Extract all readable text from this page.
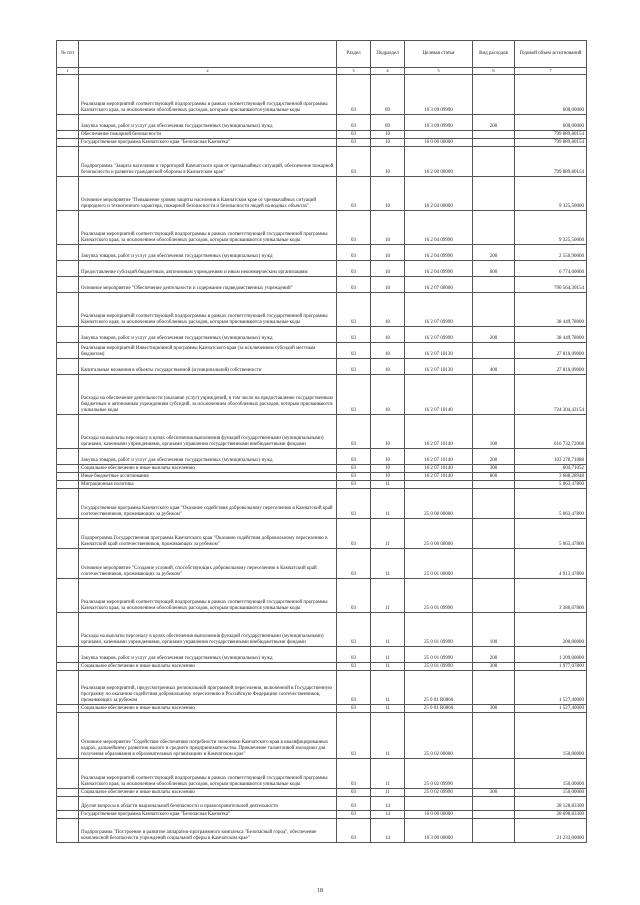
№ п/п		Раздел	Подраздел	Целевая статья	Вид расходов	Годовой объем ассигнований
1	2	3	4	5	6	7
	Реализация мероприятий соответствующей подпрограммы в рамках соответствующей государственной программы Камчатского края, за исключением обособленных расходов, которым присваиваются уникальные коды	03	09	16 3 09 09990		600,00000
	Закупка товаров, работ и услуг для обеспечения государственных (муниципальных) нужд	03	09	16 3 09 09990	200	600,00000
	Обеспечение пожарной безопасности	03	10			799 889,80154
	Государственная программа Камчатского края "Безопасная Камчатка"	03	10	16 0 00 00000		799 889,80154
	Подпрограмма "Защита населения и территорий Камчатского края от чрезвычайных ситуаций, обеспечение пожарной безопасности и развитие гражданской обороны в Камчатском крае"	03	10	16 2 00 00000		799 889,80154
	Основное мероприятие "Повышение уровня защиты населения в Камчатском крае от чрезвычайных ситуаций природного и техногенного характера, пожарной безопасности и безопасности людей на водных объектах"	03	10	16 2 04 00000		9 325,50000
	Реализация мероприятий соответствующей подпрограммы в рамках соответствующей государственной программы Камчатского края, за исключением обособленных расходов, которым присваиваются уникальные коды	03	10	16 2 04 09990		9 325,50000
	Закупка товаров, работ и услуг для обеспечения государственных (муниципальных) нужд	03	10	16 2 04 09990	200	2 550,90000
	Предоставление субсидий бюджетным, автономным учреждениям и иным некоммерческим организациям	03	10	16 2 04 09990	600	6 774,60000
	Основное мероприятие "Обеспечение деятельности и содержание подведомственных учреждений"	03	10	16 2 07 00000		790 564,30154
	Реализация мероприятий соответствующей подпрограммы в рамках соответствующей государственной программы Камчатского края, за исключением обособленных расходов, которым присваиваются уникальные коды	03	10	16 2 07 09990		38 449,78000
	Закупка товаров, работ и услуг для обеспечения государственных (муниципальных) нужд	03	10	16 2 07 09990	200	38 449,78000
	Реализация мероприятий Инвестиционной программы Камчатского края (за исключением субсидий местным бюджетам)	03	10	16 2 07 10130		27 810,09000
	Капитальные вложения в объекты государственной (муниципальной) собственности	03	10	16 2 07 10130	400	27 810,09000
	Расходы на обеспечение деятельности (оказание услуг) учреждений, в том числе на предоставление государственным бюджетным и автономным учреждениям субсидий, за исключением обособленных расходов, которым присваиваются уникальные коды	03	10	16 2 07 10140		724 304,43154
	Расходы на выплаты персоналу в целях обеспечения выполнения функций государственными (муниципальными) органами, казенными учреждениями, органами управления государственными внебюджетными фондами	03	10	16 2 07 10140	100	616 732,72068
	Закупка товаров, работ и услуг для обеспечения государственных (муниципальных) нужд	03	10	16 2 07 10140	200	103 278,71088
	Социальное обеспечение и иные выплаты населению	03	10	16 2 07 10140	300	604,71052
	Иные бюджетные ассигнования	03	10	16 2 07 10140	800	3 688,28948
	Миграционная политика	03	11			5 063,47800
	Государственная программа Камчатского края "Оказание содействия добровольному переселению в Камчатский край соотечественников, проживающих за рубежом"	03	11	25 0 00 00000		5 063,47800
	Подпрограмма Государственная программа Камчатского края "Оказание содействия добровольному переселению в Камчатский край соотечественников, проживающих за рубежом"	03	11	25 0 00 00000		5 063,47800
	Основное мероприятие "Создание условий, способствующих добровольному переселению в Камчатский край соотечественников, проживающих за рубежом"	03	11	25 0 01 00000		4 913,47800
	Реализация мероприятий соответствующей подпрограммы в рамках соответствующей государственной программы Камчатского края, за исключением обособленных расходов, которым присваиваются уникальные коды	03	11	25 0 01 09990		3 386,07800
	Расходы на выплаты персоналу в целях обеспечения выполнения функций государственными (муниципальными) органами, казенными учреждениями, органами управления государственными внебюджетными фондами	03	11	25 0 01 09990	100	200,00000
	Закупка товаров, работ и услуг для обеспечения государственных (муниципальных) нужд	03	11	25 0 01 09990	200	1 209,00000
	Социальное обеспечение и иные выплаты населению	03	11	25 0 01 09990	300	1 977,07800
	Реализация мероприятий, предусмотренных региональной программой переселения, включенной в Государственную программу по оказанию содействия добровольному переселению в Российскую Федерацию соотечественников, проживающих за рубежом	03	11	25 0 01 R0860		1 527,40000
	Социальное обеспечение и иные выплаты населению	03	11	25 0 01 R0860	300	1 527,40000
	Основное мероприятие "Содействие обеспечению потребности экономики Камчатского края в квалифицированных кадрах, дальнейшему развитию малого и среднего предпринимательства. Привлечение талантливой молодежи для получения образования в образовательных организациях в Камчатском крае"	03	11	25 0 02 00000		150,00000
	Реализация мероприятий соответствующей подпрограммы в рамках соответствующей государственной программы Камчатского края, за исключением обособленных расходов, которым присваиваются уникальные коды	03	11	25 0 02 09990		150,00000
	Социальное обеспечение и иные выплаты населению	03	11	25 0 02 09990	300	150,00000
	Другие вопросы в области национальной безопасности и правоохранительной деятельности	03	14			28 128,83300
	Государственная программа Камчатского края "Безопасная Камчатка"	03	14	16 0 00 00000		28 098,83300
	Подпрограмма "Построение и развитие аппаратно-программного комплекса "Безопасный город", обеспечение комплексной безопасности учреждений социальной сферы в Камчатском крае"	03	14	16 3 00 00000		21 233,00000
18
